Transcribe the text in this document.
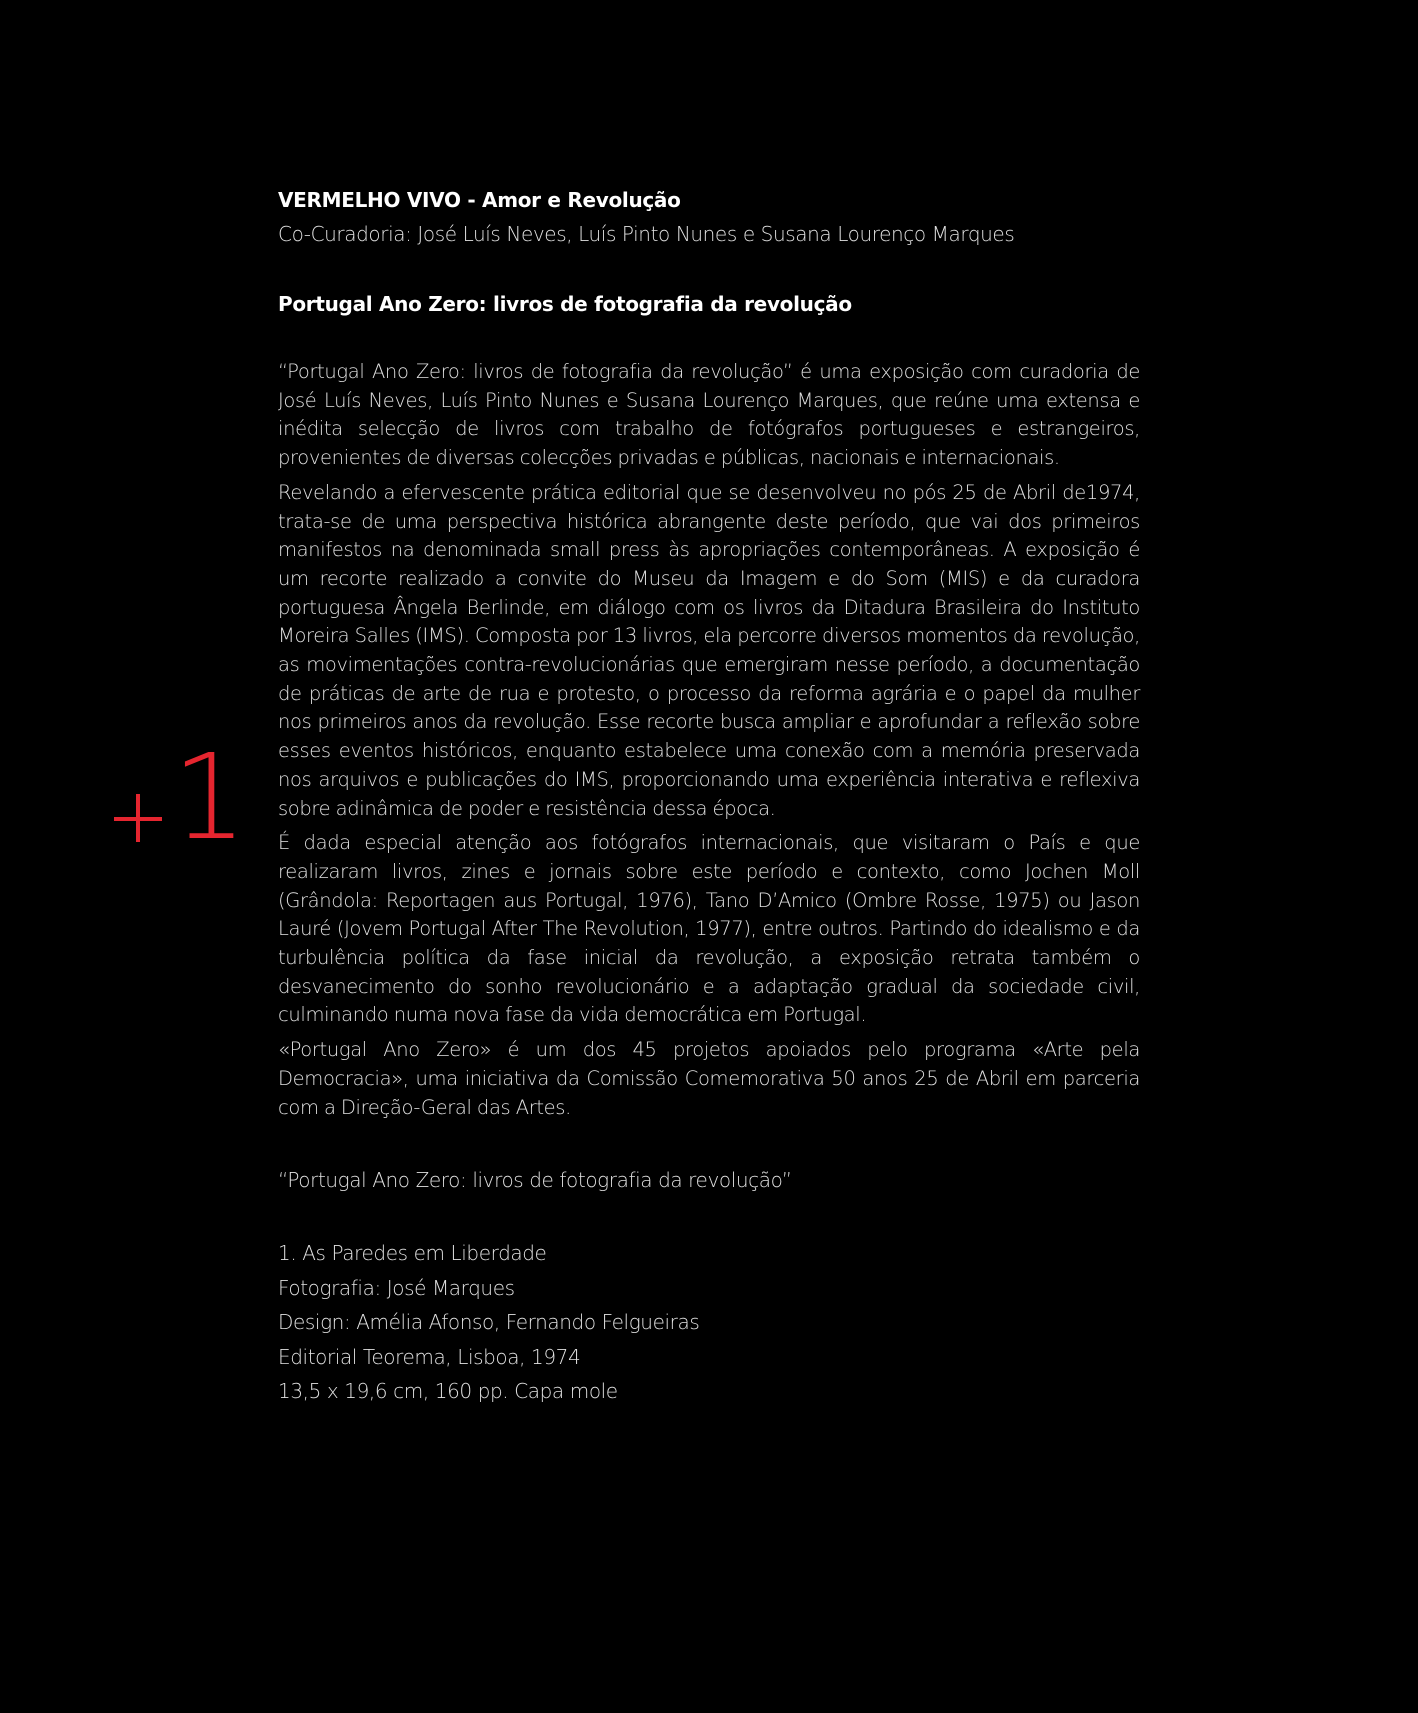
1
VERMELHO VIVO - Amor e Revolução

Co-Curadoria: José Luís Neves, Luís Pinto Nunes e Susana Lourenço Marques

Portugal Ano Zero: livros de fotografia da revolução

“Portugal Ano Zero: livros de fotografia da revolução” é uma exposição com curadoria de José Luís Neves, Luís Pinto Nunes e Susana Lourenço Marques, que reúne uma extensa e inédita selecção de livros com trabalho de fotógrafos portugueses e estrangeiros, provenientes de diversas colecções privadas e públicas, nacionais e internacionais.

Revelando a efervescente prática editorial que se desenvolveu no pós 25 de Abril de1974, trata-se de uma perspectiva histórica abrangente deste período, que vai dos primeiros manifestos na denominada small press às apropriações contemporâneas. A exposição é um recorte realizado a convite do Museu da Imagem e do Som (MIS) e da curadora portuguesa Ângela Berlinde, em diálogo com os livros da Ditadura Brasileira do Instituto Moreira Salles (IMS). Composta por 13 livros, ela percorre diversos momentos da revolução, as movimentações contra-revolucionárias que emergiram nesse período, a documentação de práticas de arte de rua e protesto, o processo da reforma agrária e o papel da mulher nos primeiros anos da revolução. Esse recorte busca ampliar e aprofundar a reflexão sobre esses eventos históricos, enquanto estabelece uma conexão com a memória preservada nos arquivos e publicações do IMS, proporcionando uma experiência interativa e reflexiva sobre adinâmica de poder e resistência dessa época.

É dada especial atenção aos fotógrafos internacionais, que visitaram o País e que realizaram livros, zines e jornais sobre este período e contexto, como Jochen Moll (Grândola: Reportagen aus Portugal, 1976), Tano D’Amico (Ombre Rosse, 1975) ou Jason Lauré (Jovem Portugal After The Revolution, 1977), entre outros. Partindo do idealismo e da turbulência política da fase inicial da revolução, a exposição retrata também o desvanecimento do sonho revolucionário e a adaptação gradual da sociedade civil, culminando numa nova fase da vida democrática em Portugal.

«Portugal Ano Zero» é um dos 45 projetos apoiados pelo programa «Arte pela Democracia», uma iniciativa da Comissão Comemorativa 50 anos 25 de Abril em parceria com a Direção-Geral das Artes.

“Portugal Ano Zero: livros de fotografia da revolução”
1. As Paredes em Liberdade
Fotografia: José Marques
Design: Amélia Afonso, Fernando Felgueiras
Editorial Teorema, Lisboa, 1974
13,5 x 19,6 cm, 160 pp. Capa mole
